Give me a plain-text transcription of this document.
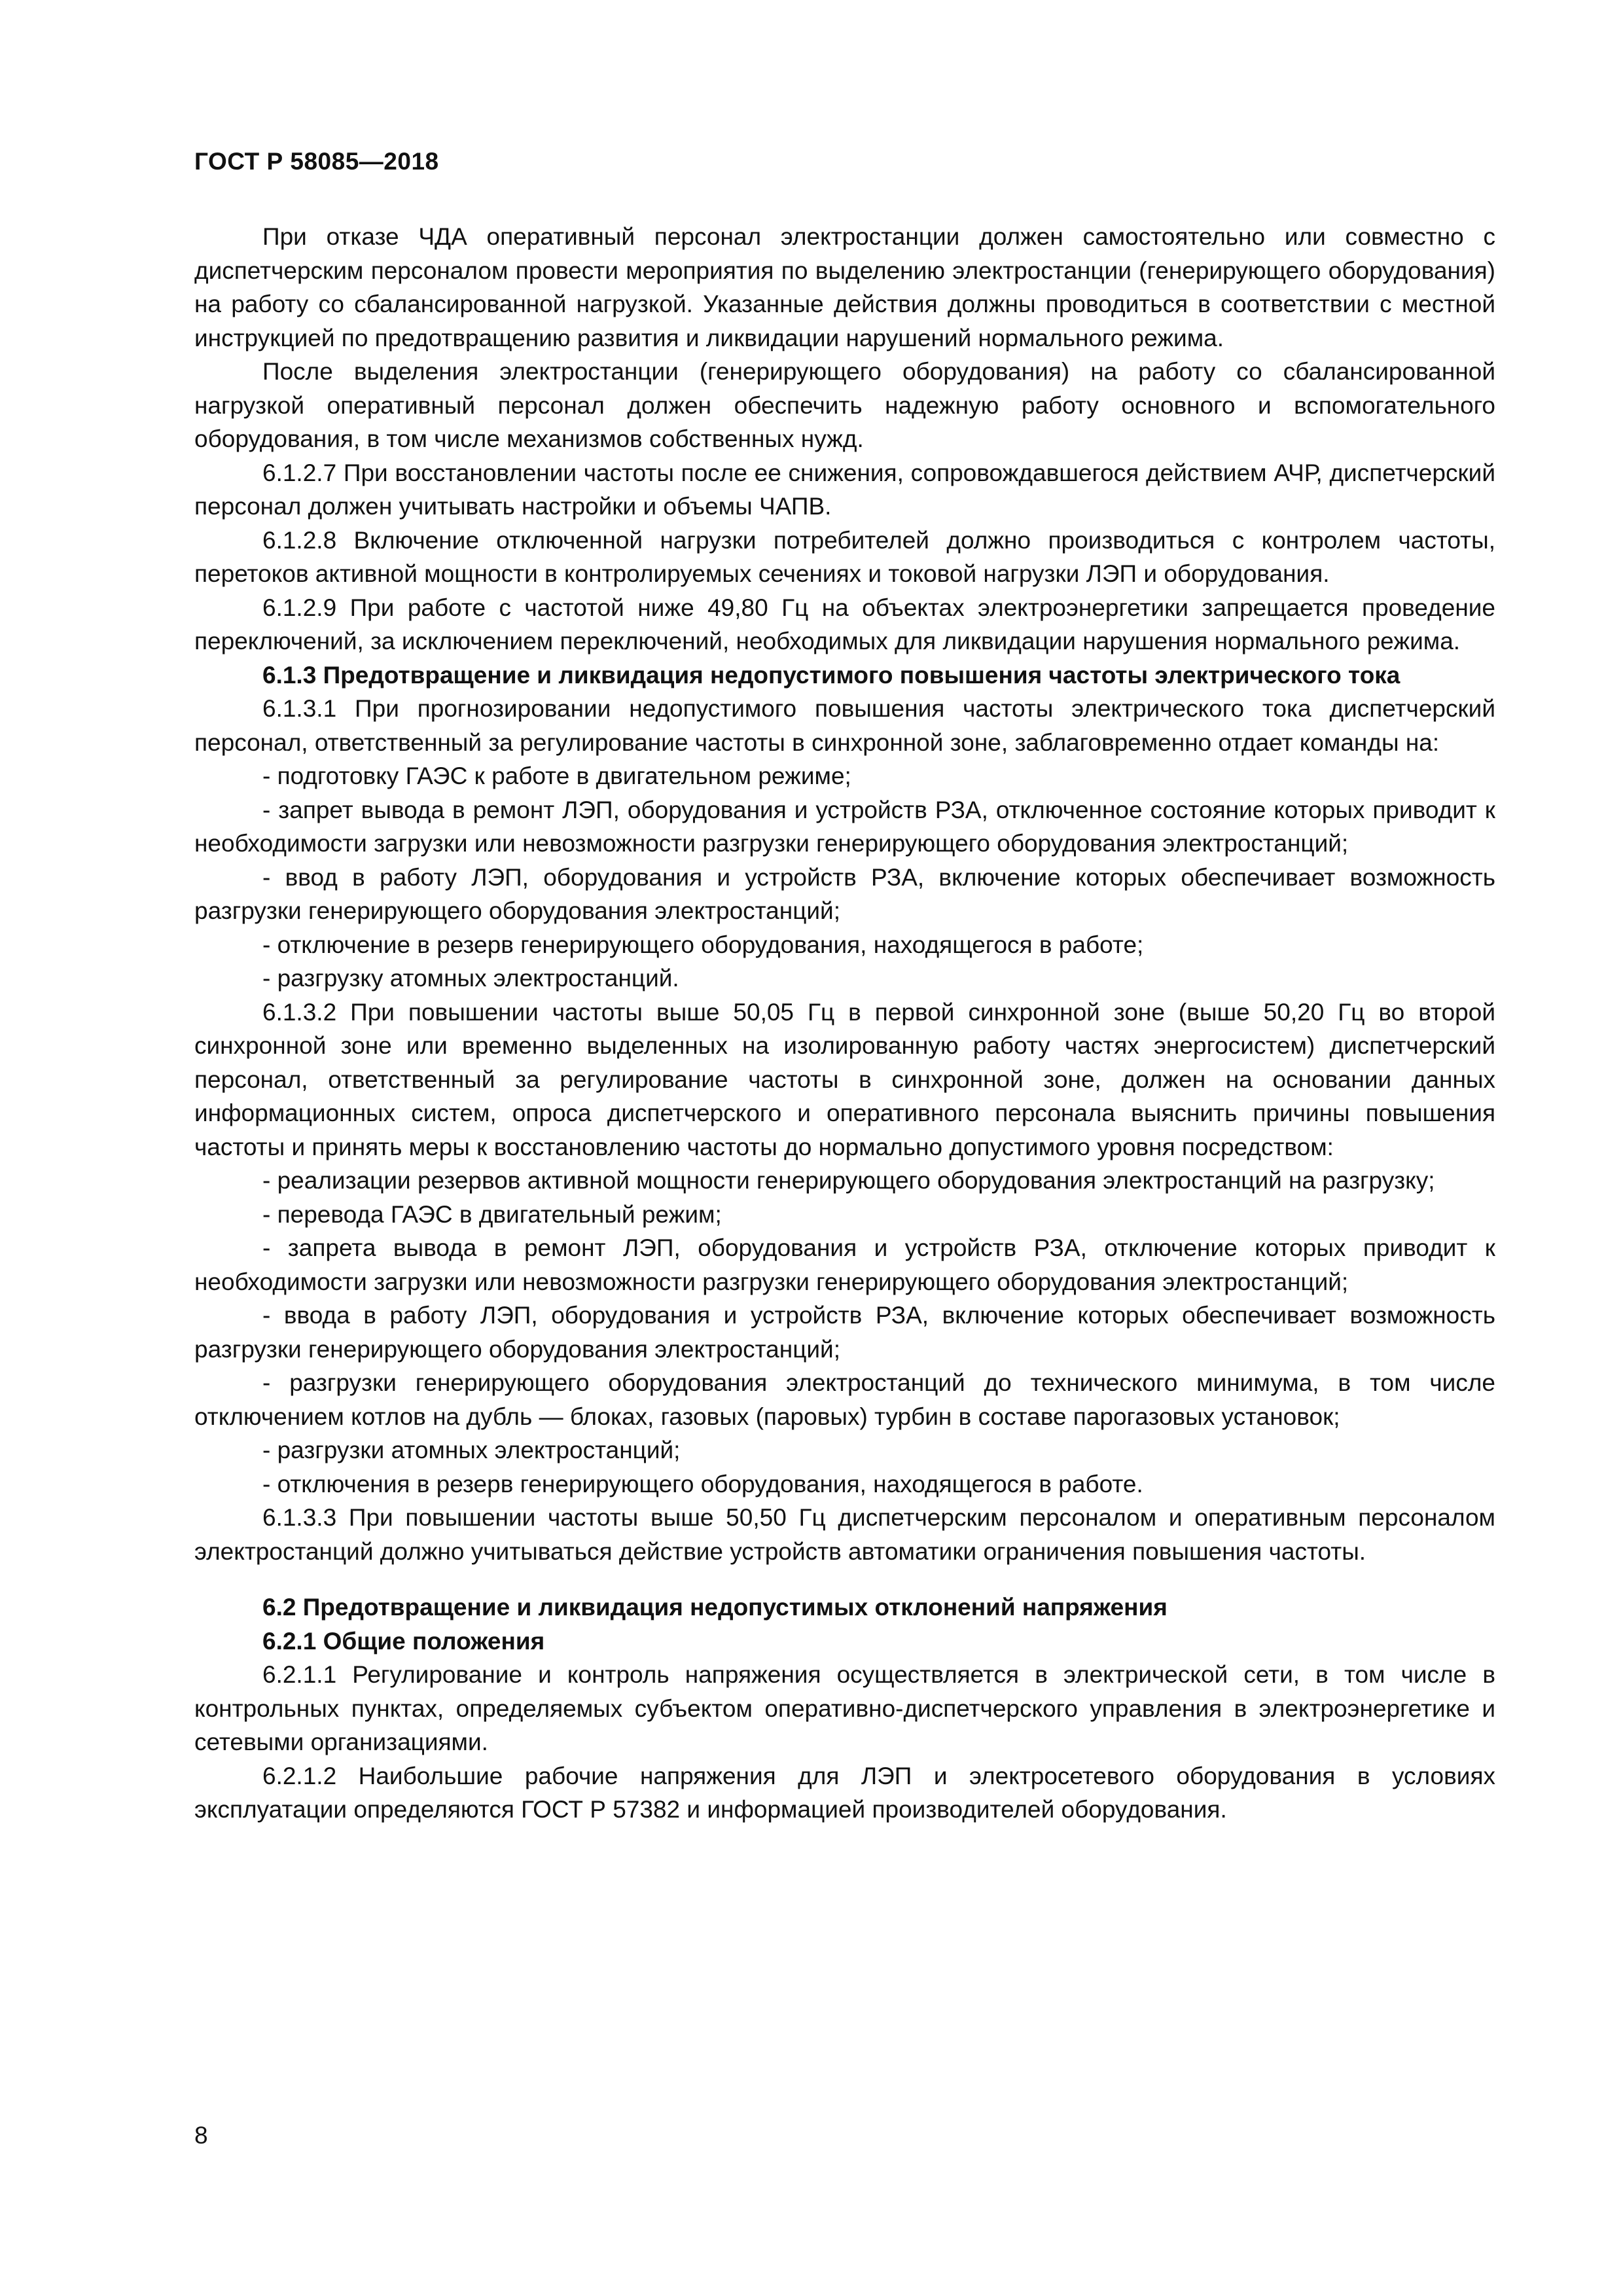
ГОСТ Р 58085—2018

При отказе ЧДА оперативный персонал электростанции должен самостоятельно или совместно с диспетчерским персоналом провести мероприятия по выделению электростанции (генерирующего оборудования) на работу со сбалансированной нагрузкой. Указанные действия должны проводиться в соответствии с местной инструкцией по предотвращению развития и ликвидации нарушений нормального режима.

После выделения электростанции (генерирующего оборудования) на работу со сбалансированной нагрузкой оперативный персонал должен обеспечить надежную работу основного и вспомогательного оборудования, в том числе механизмов собственных нужд.

6.1.2.7 При восстановлении частоты после ее снижения, сопровождавшегося действием АЧР, диспетчерский персонал должен учитывать настройки и объемы ЧАПВ.

6.1.2.8 Включение отключенной нагрузки потребителей должно производиться с контролем частоты, перетоков активной мощности в контролируемых сечениях и токовой нагрузки ЛЭП и оборудования.

6.1.2.9 При работе с частотой ниже 49,80 Гц на объектах электроэнергетики запрещается проведение переключений, за исключением переключений, необходимых для ликвидации нарушения нормального режима.

6.1.3 Предотвращение и ликвидация недопустимого повышения частоты электрического тока

6.1.3.1 При прогнозировании недопустимого повышения частоты электрического тока диспетчерский персонал, ответственный за регулирование частоты в синхронной зоне, заблаговременно отдает команды на:

- подготовку ГАЭС к работе в двигательном режиме;

- запрет вывода в ремонт ЛЭП, оборудования и устройств РЗА, отключенное состояние которых приводит к необходимости загрузки или невозможности разгрузки генерирующего оборудования электростанций;

- ввод в работу ЛЭП, оборудования и устройств РЗА, включение которых обеспечивает возможность разгрузки генерирующего оборудования электростанций;

- отключение в резерв генерирующего оборудования, находящегося в работе;

- разгрузку атомных электростанций.

6.1.3.2 При повышении частоты выше 50,05 Гц в первой синхронной зоне (выше 50,20 Гц во второй синхронной зоне или временно выделенных на изолированную работу частях энергосистем) диспетчерский персонал, ответственный за регулирование частоты в синхронной зоне, должен на основании данных информационных систем, опроса диспетчерского и оперативного персонала выяснить причины повышения частоты и принять меры к восстановлению частоты до нормально допустимого уровня посредством:

- реализации резервов активной мощности генерирующего оборудования электростанций на разгрузку;

- перевода ГАЭС в двигательный режим;

- запрета вывода в ремонт ЛЭП, оборудования и устройств РЗА, отключение которых приводит к необходимости загрузки или невозможности разгрузки генерирующего оборудования электростанций;

- ввода в работу ЛЭП, оборудования и устройств РЗА, включение которых обеспечивает возможность разгрузки генерирующего оборудования электростанций;

- разгрузки генерирующего оборудования электростанций до технического минимума, в том числе отключением котлов на дубль — блоках, газовых (паровых) турбин в составе парогазовых установок;

- разгрузки атомных электростанций;

- отключения в резерв генерирующего оборудования, находящегося в работе.

6.1.3.3 При повышении частоты выше 50,50 Гц диспетчерским персоналом и оперативным персоналом электростанций должно учитываться действие устройств автоматики ограничения повышения частоты.

6.2 Предотвращение и ликвидация недопустимых отклонений напряжения

6.2.1 Общие положения

6.2.1.1 Регулирование и контроль напряжения осуществляется в электрической сети, в том числе в контрольных пунктах, определяемых субъектом оперативно-диспетчерского управления в электроэнергетике и сетевыми организациями.

6.2.1.2 Наибольшие рабочие напряжения для ЛЭП и электросетевого оборудования в условиях эксплуатации определяются ГОСТ Р 57382 и информацией производителей оборудования.

8
